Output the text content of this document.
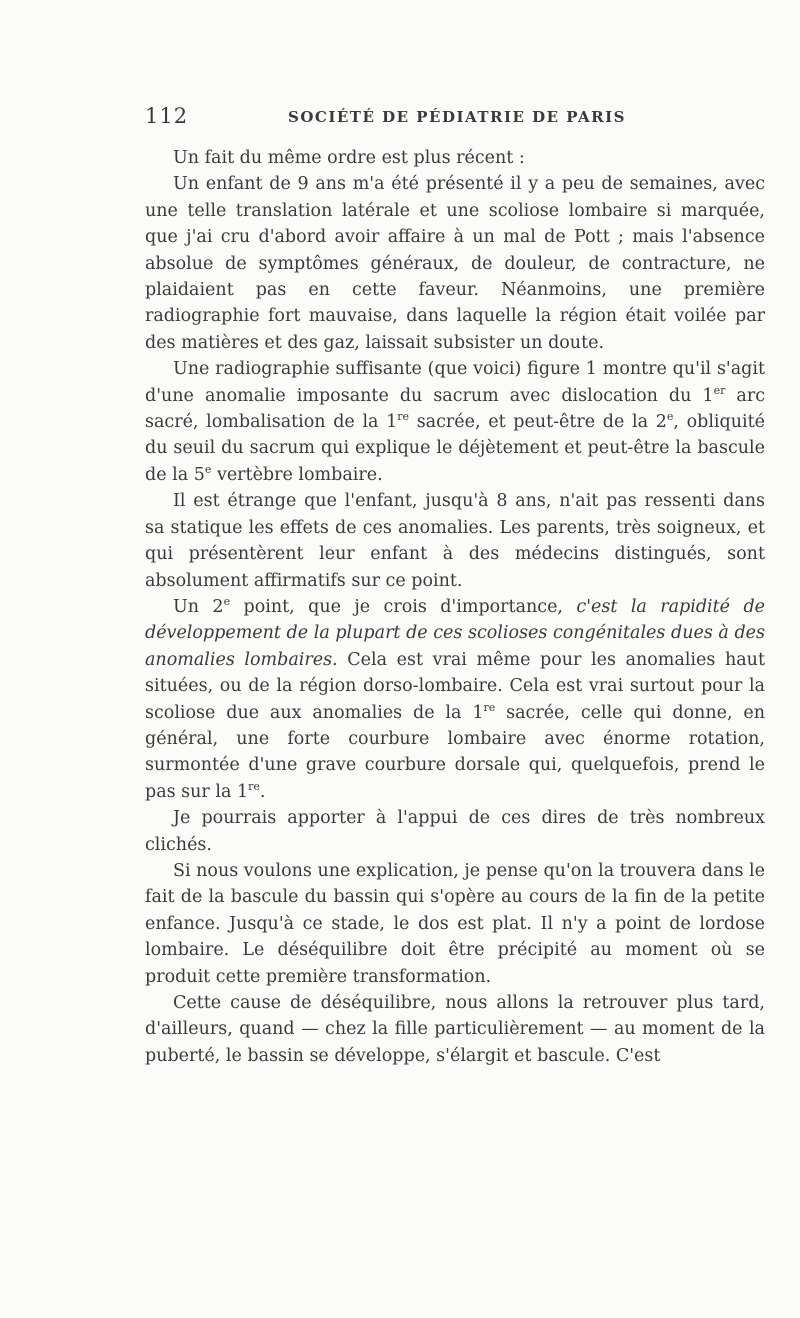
112	SOCIÉTÉ DE PÉDIATRIE DE PARIS

Un fait du même ordre est plus récent :

Un enfant de 9 ans m'a été présenté il y a peu de semaines, avec une telle translation latérale et une scoliose lombaire si marquée, que j'ai cru d'abord avoir affaire à un mal de Pott ; mais l'absence absolue de symptômes généraux, de douleur, de contracture, ne plaidaient pas en cette faveur. Néanmoins, une première radiographie fort mauvaise, dans laquelle la région était voilée par des matières et des gaz, laissait subsister un doute.

Une radiographie suffisante (que voici) figure 1 montre qu'il s'agit d'une anomalie imposante du sacrum avec dislocation du 1er arc sacré, lombalisation de la 1re sacrée, et peut-être de la 2e, obliquité du seuil du sacrum qui explique le déjètement et peut-être la bascule de la 5e vertèbre lombaire.

Il est étrange que l'enfant, jusqu'à 8 ans, n'ait pas ressenti dans sa statique les effets de ces anomalies. Les parents, très soigneux, et qui présentèrent leur enfant à des médecins distingués, sont absolument affirmatifs sur ce point.

Un 2e point, que je crois d'importance, c'est la rapidité de développement de la plupart de ces scolioses congénitales dues à des anomalies lombaires. Cela est vrai même pour les anomalies haut situées, ou de la région dorso-lombaire. Cela est vrai surtout pour la scoliose due aux anomalies de la 1re sacrée, celle qui donne, en général, une forte courbure lombaire avec énorme rotation, surmontée d'une grave courbure dorsale qui, quelquefois, prend le pas sur la 1re.

Je pourrais apporter à l'appui de ces dires de très nombreux clichés.

Si nous voulons une explication, je pense qu'on la trouvera dans le fait de la bascule du bassin qui s'opère au cours de la fin de la petite enfance. Jusqu'à ce stade, le dos est plat. Il n'y a point de lordose lombaire. Le déséquilibre doit être précipité au moment où se produit cette première transformation.

Cette cause de déséquilibre, nous allons la retrouver plus tard, d'ailleurs, quand — chez la fille particulièrement — au moment de la puberté, le bassin se développe, s'élargit et bascule. C'est
